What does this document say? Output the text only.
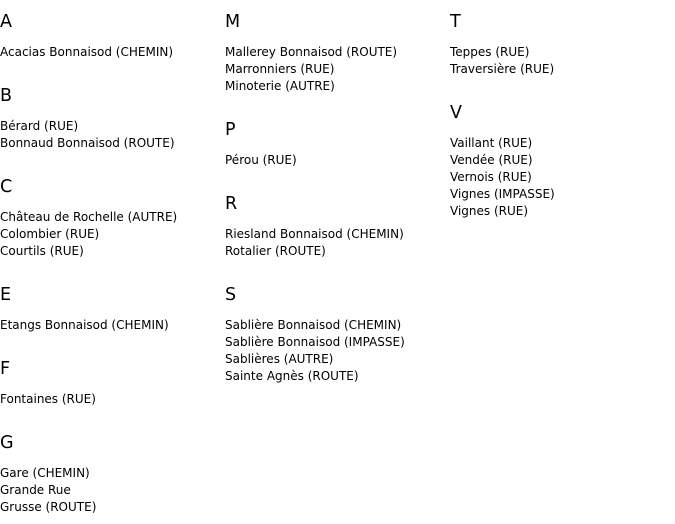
A
Acacias Bonnaisod (CHEMIN)
B
Bérard (RUE)
Bonnaud Bonnaisod (ROUTE)
C
Château de Rochelle (AUTRE)
Colombier (RUE)
Courtils (RUE)
E
Etangs Bonnaisod (CHEMIN)
F
Fontaines (RUE)
G
Gare (CHEMIN)
Grande Rue
Grusse (ROUTE)
M
Mallerey Bonnaisod (ROUTE)
Marronniers (RUE)
Minoterie (AUTRE)
P
Pérou (RUE)
R
Riesland Bonnaisod (CHEMIN)
Rotalier (ROUTE)
S
Sablière Bonnaisod (CHEMIN)
Sablière Bonnaisod (IMPASSE)
Sablières (AUTRE)
Sainte Agnès (ROUTE)
T
Teppes (RUE)
Traversière (RUE)
V
Vaillant (RUE)
Vendée (RUE)
Vernois (RUE)
Vignes (IMPASSE)
Vignes (RUE)
